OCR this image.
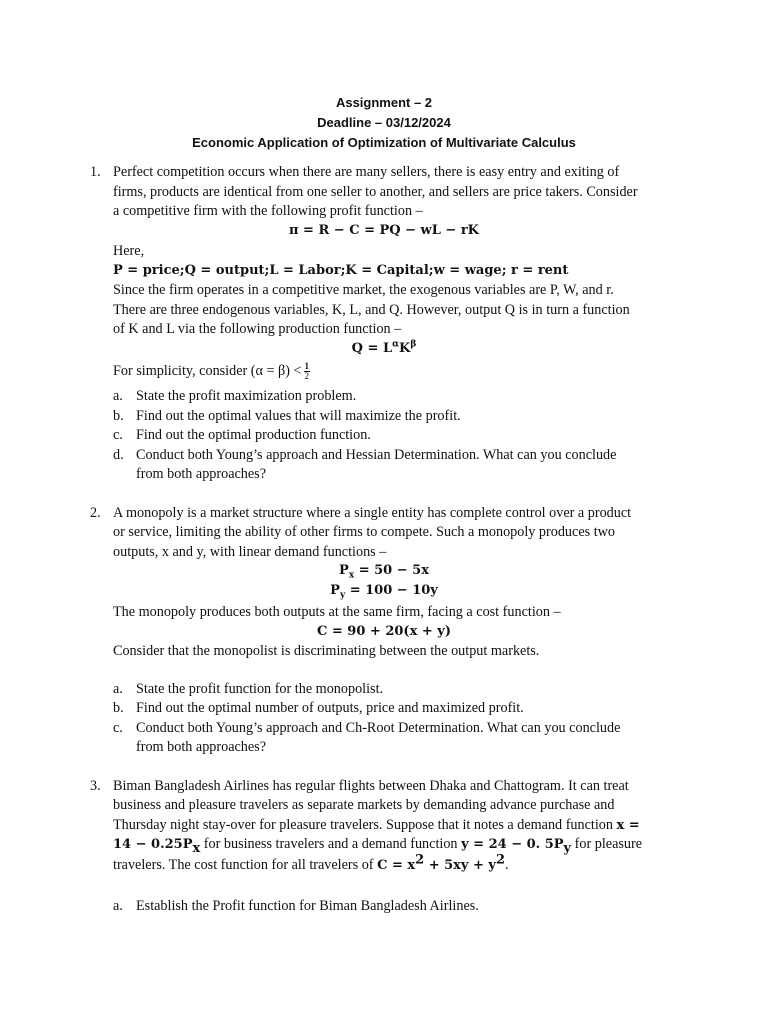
Assignment – 2
Deadline – 03/12/2024
Economic Application of Optimization of Multivariate Calculus
1. Perfect competition occurs when there are many sellers, there is easy entry and exiting of
firms, products are identical from one seller to another, and sellers are price takers. Consider
a competitive firm with the following profit function –
π = R − C = PQ − wL − rK
Here,
P = price;Q = output;L = Labor;K = Capital;w = wage; r = rent
Since the firm operates in a competitive market, the exogenous variables are P, W, and r.
There are three endogenous variables, K, L, and Q. However, output Q is in turn a function
of K and L via the following production function –
$Q = L^\alpha K^\beta$
For simplicity, consider $(\alpha = \beta) < \frac{1}{2}$
a. State the profit maximization problem.
b. Find out the optimal values that will maximize the profit.
c. Find out the optimal production function.
d. Conduct both Young’s approach and Hessian Determination. What can you conclude
from both approaches?
2. A monopoly is a market structure where a single entity has complete control over a product
or service, limiting the ability of other firms to compete. Such a monopoly produces two
outputs, x and y, with linear demand functions –
$P_x = 50 - 5x$
$P_y = 100 - 10y$
The monopoly produces both outputs at the same firm, facing a cost function –
C = 90 + 20(x + y)
Consider that the monopolist is discriminating between the output markets.
a. State the profit function for the monopolist.
b. Find out the optimal number of outputs, price and maximized profit.
c. Conduct both Young’s approach and Ch-Root Determination. What can you conclude
from both approaches?
3. Biman Bangladesh Airlines has regular flights between Dhaka and Chattogram. It can treat
business and pleasure travelers as separate markets by demanding advance purchase and
Thursday night stay-over for pleasure travelers. Suppose that it notes a demand function x =
$14 - 0.25P_x$ for business travelers and a demand function y = 24 − 0. $5P_y$ for pleasure
travelers. The cost function for all travelers of $C = x^2 + 5xy + y^2$.
a. Establish the Profit function for Biman Bangladesh Airlines.
